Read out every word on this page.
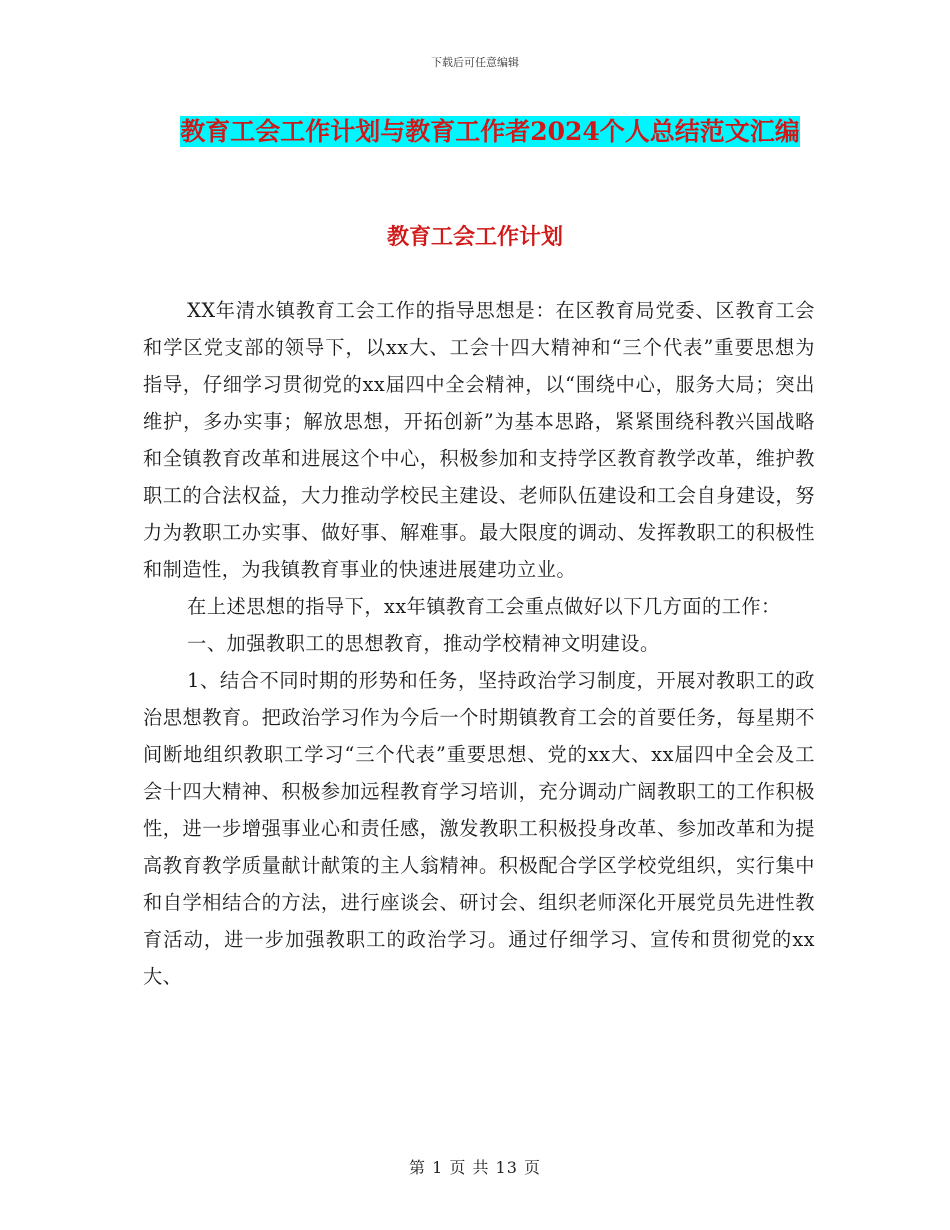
下载后可任意编辑
教育工会工作计划与教育工作者2024个人总结范文汇编
教育工会工作计划

XX年清水镇教育工会工作的指导思想是：在区教育局党委、区教育工会和学区党支部的领导下，以xx大、工会十四大精神和“三个代表”重要思想为指导，仔细学习贯彻党的xx届四中全会精神，以“围绕中心，服务大局；突出维护，多办实事；解放思想，开拓创新”为基本思路，紧紧围绕科教兴国战略和全镇教育改革和进展这个中心，积极参加和支持学区教育教学改革，维护教职工的合法权益，大力推动学校民主建设、老师队伍建设和工会自身建设，努力为教职工办实事、做好事、解难事。最大限度的调动、发挥教职工的积极性和制造性，为我镇教育事业的快速进展建功立业。

在上述思想的指导下，xx年镇教育工会重点做好以下几方面的工作：

一、加强教职工的思想教育，推动学校精神文明建设。

1、结合不同时期的形势和任务，坚持政治学习制度，开展对教职工的政治思想教育。把政治学习作为今后一个时期镇教育工会的首要任务，每星期不间断地组织教职工学习“三个代表”重要思想、党的xx大、xx届四中全会及工会十四大精神、积极参加远程教育学习培训，充分调动广阔教职工的工作积极性，进一步增强事业心和责任感，激发教职工积极投身改革、参加改革和为提高教育教学质量献计献策的主人翁精神。积极配合学区学校党组织，实行集中和自学相结合的方法，进行座谈会、研讨会、组织老师深化开展党员先进性教育活动，进一步加强教职工的政治学习。通过仔细学习、宣传和贯彻党的xx大、

第 1 页 共 13 页
